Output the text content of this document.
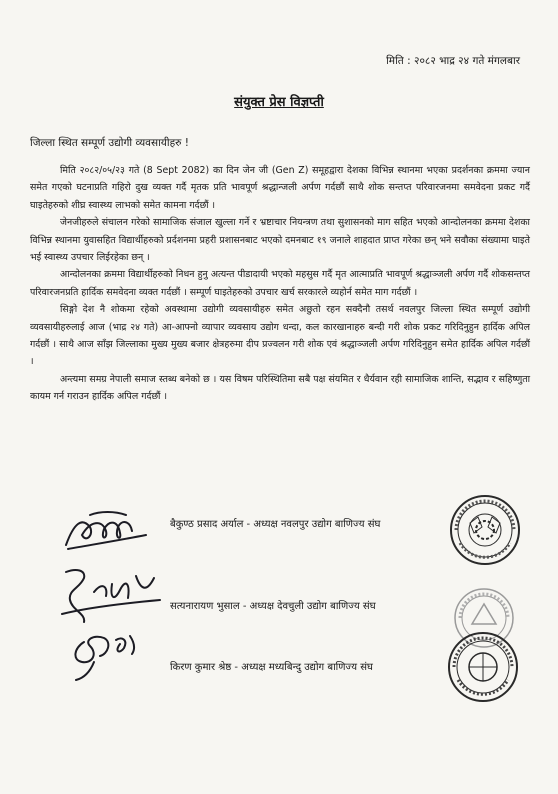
मिति : २०८२ भाद्र २४ गते मंगलबार
संयुक्त प्रेस विज्ञप्ती
जिल्ला स्थित सम्पूर्ण उद्योगी व्यवसायीहरु !

मिति २०८२/०५/२३ गते (8 Sept 2082) का दिन जेन जी (Gen Z) समूहद्वारा देशका विभिन्न स्थानमा भएका प्रदर्शनका क्रममा ज्यान समेत गएको घटनाप्रति गहिरो दुख व्यक्त गर्दै मृतक प्रति भावपूर्ण श्रद्धान्जली अर्पण गर्दछौं साथै शोक सन्तप्त परिवारजनमा समवेदना प्रकट गर्दै घाइतेहरुको शीघ्र स्वास्थ्य लाभको समेत कामना गर्दछौं ।

जेनजीहरुले संचालन गरेको सामाजिक संजाल खुल्ला गर्ने र भ्रष्टाचार नियन्त्रण तथा सुशासनको माग सहित भएको आन्दोलनका क्रममा देशका विभिन्न स्थानमा युवासहित विद्यार्थीहरुको प्रर्दशनमा प्रहरी प्रशासनबाट भएको दमनबाट १९ जनाले शाहदात प्राप्त गरेका छन् भने सवौका संख्यामा घाइते भई स्वास्थ्य उपचार लिईरहेका छन् ।

आन्दोलनका क्रममा विद्यार्थीहरुको निधन हुनु अत्यन्त पीडादायी भएको महसुस गर्दै मृत आत्माप्रति भावपूर्ण श्रद्धाञ्जली अर्पण गर्दै शोकसन्तप्त परिवारजनप्रति हार्दिक समवेदना व्यक्त गर्दछौं । सम्पूर्ण घाइतेहरुको उपचार खर्च सरकारले व्यहोर्न समेत माग गर्दछौं ।

सिङ्गो देश नै शोकमा रहेको अवस्थामा उद्योगी व्यवसायीहरु समेत अछुतो रहन सक्दैनौ तसर्थ नवलपुर जिल्ला स्थित सम्पूर्ण उद्योगी व्यवसायीहरुलाई आज (भाद्र २४ गते) आ-आफ्नो व्यापार व्यवसाय उद्योग धन्दा, कल कारखानाहरु बन्दी गरी शोक प्रकट गरिदिनुहुन हार्दिक अपिल गर्दछौं । साथै आज साँझ जिल्लाका मुख्य मुख्य बजार क्षेत्रहरुमा दीप प्रज्वलन गरी शोक एवं श्रद्धाञ्जली अर्पण गरिदिनुहुन समेत हार्दिक अपिल गर्दछौं ।

अन्त्यमा समग्र नेपाली समाज स्तब्ध बनेको छ । यस विषम परिस्थितिमा सबै पक्ष संयमित र धैर्यवान रही सामाजिक शान्ति, सद्भाव र सहिष्णुता कायम गर्न गराउन हार्दिक अपिल गर्दछौं ।

बैकुण्ठ प्रसाद अर्याल - अध्यक्ष नवलपुर उद्योग बाणिज्य संघ
सत्यनारायण भुसाल - अध्यक्ष देवचुली उद्योग बाणिज्य संघ
किरण कुमार श्रेष्ठ - अध्यक्ष मध्यबिन्दु उद्योग बाणिज्य संघ
